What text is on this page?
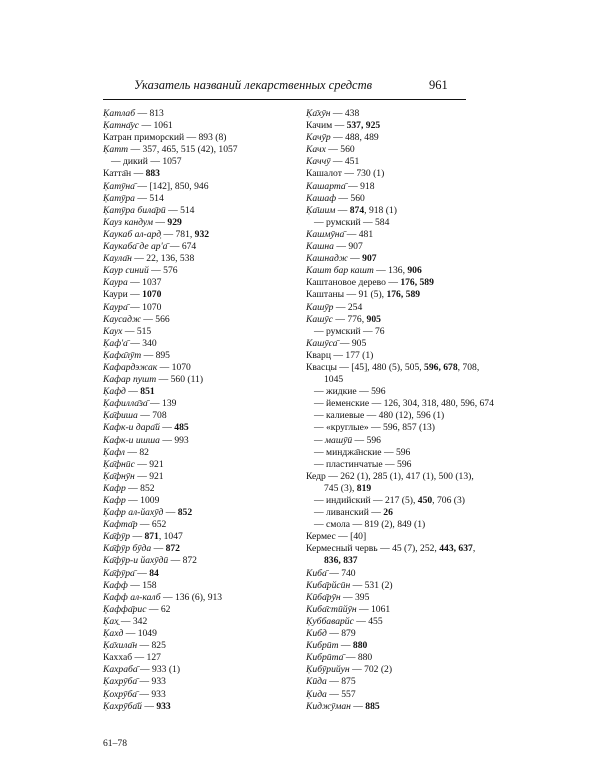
Указатель названий лекарственных средств	961
Ḳатлаб — 813
Ḳатна̄ус — 1061
Катран приморский — 893 (8)
Ḳатт — 357, 465, 515 (42), 1057
— дикий — 1057
Катта̄н — 883
Ḳатӯна̄ — [142], 850, 946
Ḳатӯра — 514
Ḳатӯра била̄рӣ — 514
Кауз кандум — 929
Каукаб ал-ард̣ — 781, 932
Каукаба̄ де ар'а̄ — 674
Каула̄н — 22, 136, 538
Каур синий — 576
Каура — 1037
Каури — 1070
Каура̄ — 1070
Каусадж — 566
Каух — 515
Ḳаф'а̄ — 340
Ḳафа̄лӯт — 895
Кафардэжак — 1070
Кафар пушт — 560 (11)
Ḳафд — 851
Ḳафилла̄за̄ — 139
Ḳа̄фиша — 708
Кафк-и дара̄й — 485
Кафк-и ишша — 993
Ḳафл — 82
Ḳа̄фнӣс — 921
Ḳа̄фнӯн — 921
Кафр — 852
Кафр — 1009
Ḳафр ал-йахӯд — 852
Кафта̄р — 652
Ка̄фӯр — 871, 1047
Ка̄фӯр бӯда — 872
Ка̄фӯр-и йахӯдӣ — 872
Ка̄фӯра̄ — 84
Кафф — 158
Кафф ал-калб — 136 (6), 913
Ḳаффа̄рис — 62
Ḳах̱ — 342
Ḳахд — 1049
Ḳа̄хила̄н — 825
Каххаб — 127
Кахраба̄ — 933 (1)
Ḳахрӯба̄ — 933
Ḳохрӯба̄ — 933
Ḳахрӯба̄й — 933
Ḳа̄хӯн — 438
Качим — 537, 925
Качӯр — 488, 489
Качх — 560
Каччӯ — 451
Кашалот — 730 (1)
Кашарта̄ — 918
Кашаф — 560
Ḳа̄шим — 874, 918 (1)
— румский — 584
Кашмӯна̄ — 481
Кашна — 907
Кашнадж — 907
Кашт бар кашт — 136, 906
Каштановое дерево — 176, 589
Каштаны — 91 (5), 176, 589
Кашӯр — 254
Кашӯс — 776, 905
— румский — 76
Кашӯса̄ — 905
Кварц — 177 (1)
Квасцы — [45], 480 (5), 505, 596, 678, 708,
1045
— жидкие — 596
— йеменские — 126, 304, 318, 480, 596, 674
— калиевые — 480 (12), 596 (1)
— «круглые» — 596, 857 (13)
— машӯӣ — 596
— минджа̄нские — 596
— пластинчатые — 596
Кедр — 262 (1), 285 (1), 417 (1), 500 (13),
745 (3), 819
— индийский — 217 (5), 450, 706 (3)
— ливанский — 26
— смола — 819 (2), 849 (1)
Кермес — [40]
Кермесный червь — 45 (7), 252, 443, 637,
836, 837
Киба̄ — 740
Киба̄рйсӣн — 531 (2)
Кӣба̄рӯн — 395
Киба̄стӣйӯн — 1061
Ḳуббаварйс — 455
Кибд — 879
Кибрӣт — 880
Кибрӣта̄ — 880
Ḳибӯрийун — 702 (2)
Кӣда — 875
Ḳида — 557
Киджӯман — 885
61–78
